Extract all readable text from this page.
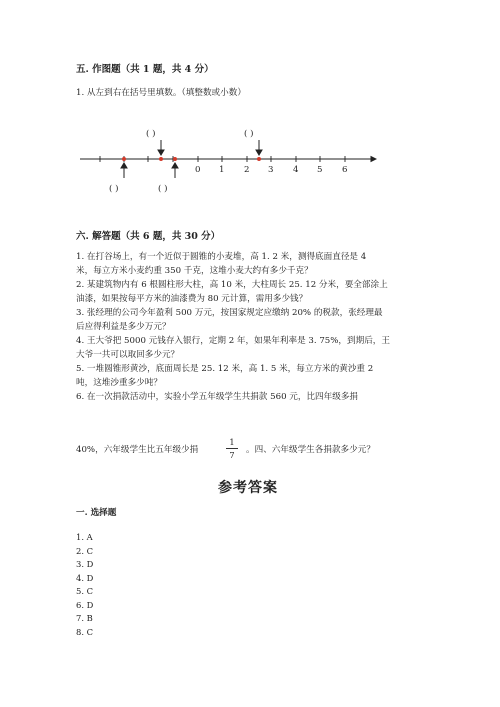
五. 作图题（共 1 题，共 4 分）
1. 从左到右在括号里填数。（填整数或小数）
0 1 2 3 4 5 6
( )	( )
( )	( )
六. 解答题（共 6 题，共 30 分）
1. 在打谷场上，有一个近似于圆锥的小麦堆，高 1. 2 米，测得底面直径是 4
米，每立方米小麦约重 350 千克，这堆小麦大约有多少千克？
2. 某建筑物内有 6 根圆柱形大柱，高 10 米，大柱周长 25. 12 分米，要全部涂上
油漆，如果按每平方米的油漆费为 80 元计算，需用多少钱？
3. 张经理的公司今年盈利 500 万元，按国家规定应缴纳 20% 的税款，张经理最
后应得利益是多少万元？
4. 王大爷把 5000 元钱存入银行，定期 2 年，如果年利率是 3. 75%，到期后，王
大爷一共可以取回多少元？
5. 一堆圆锥形黄沙，底面周长是 25. 12 米，高 1. 5 米，每立方米的黄沙重 2
吨，这堆沙重多少吨？
6. 在一次捐款活动中，实验小学五年级学生共捐款 560 元，比四年级多捐
40%，六年级学生比五年级少捐
1
7	。四、六年级学生各捐款多少元？
参考答案
一. 选择题
1. A
2. C
3. D
4. D
5. C
6. D
7. B
8. C
